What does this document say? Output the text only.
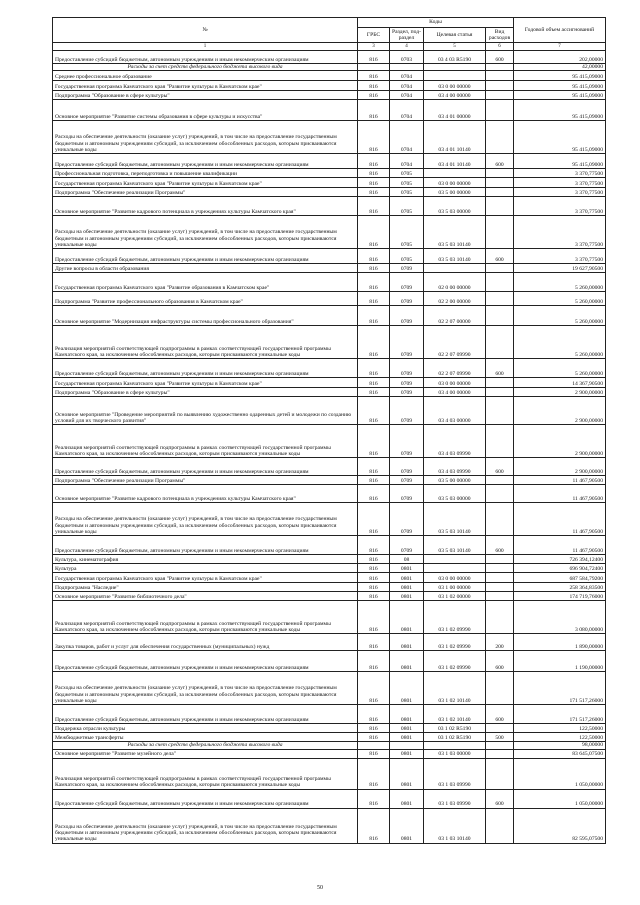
№	Коды				Годовой объем ассигнований
	ГРБС	Раздел, под-раздел	Целевая статья	Вид расходов	
1	3	4	5	6	7
Предоставление субсидий бюджетным, автономным учреждениям и иным некоммерческим организациям	816	0703	03 4 03 R5190	600	202,00000
Расходы за счет средств федерального бюджета высокого вида					42,00000
Среднее профессиональное образование	816	0704			95 415,09000
Государственная программа Камчатского края "Развитие культуры в Камчатском крае"	816	0704	03 0 00 00000		95 415,09000
Подпрограмма "Образование в сфере культуры"	816	0704	03 4 00 00000		95 415,09000
Основное мероприятие "Развитие системы образования в сфере культуры и искусства"	816	0704	03 4 01 00000		95 415,09000
Расходы на обеспечение деятельности (оказание услуг) учреждений, в том числе на предоставление государственным бюджетным и автономным учреждениям субсидий, за исключением обособленных расходов, которым присваиваются уникальные коды	816	0704	03 4 01 10140		95 415,09000
Предоставление субсидий бюджетным, автономным учреждениям и иным некоммерческим организациям	816	0704	03 4 01 10140	600	95 415,09000
Профессиональная подготовка, переподготовка и повышение квалификации	816	0705			3 370,77500
Государственная программа Камчатского края "Развитие культуры в Камчатском крае"	816	0705	03 0 00 00000		3 370,77500
Подпрограмма "Обеспечение реализации Программы"	816	0705	03 5 00 00000		3 370,77500
Основное мероприятие "Развитие кадрового потенциала в учреждениях культуры Камчатского края"	816	0705	03 5 03 00000		3 370,77500
Расходы на обеспечение деятельности (оказание услуг) учреждений, в том числе на предоставление государственным бюджетным и автономным учреждениям субсидий, за исключением обособленных расходов, которым присваиваются уникальные коды	816	0705	03 5 03 10140		3 370,77500
Предоставление субсидий бюджетным, автономным учреждениям и иным некоммерческим организациям	816	0705	03 5 03 10140	600	3 370,77500
Другие вопросы в области образования	816	0709			19 627,90500
Государственная программа Камчатского края "Развитие образования в Камчатском крае"	816	0709	02 0 00 00000		5 260,00000
Подпрограмма "Развитие профессионального образования в Камчатском крае"	816	0709	02 2 00 00000		5 260,00000
Основное мероприятие "Модернизация инфраструктуры системы профессионального образования"	816	0709	02 2 07 00000		5 260,00000
Реализация мероприятий соответствующей подпрограммы в рамках соответствующей государственной программы Камчатского края, за исключением обособленных расходов, которым присваиваются уникальные коды	816	0709	02 2 07 09990		5 260,00000
Предоставление субсидий бюджетным, автономным учреждениям и иным некоммерческим организациям	816	0709	02 2 07 09990	600	5 260,00000
Государственная программа Камчатского края "Развитие культуры в Камчатском крае"	816	0709	03 0 00 00000		14 367,90500
Подпрограмма "Образование в сфере культуры"	816	0709	03 4 00 00000		2 900,00000
Основное мероприятие "Проведение мероприятий по выявлению художественно одаренных детей и молодежи по созданию условий для их творческого развития"	816	0709	03 4 03 00000		2 900,00000
Реализация мероприятий соответствующей подпрограммы в рамках соответствующей государственной программы Камчатского края, за исключением обособленных расходов, которым присваиваются уникальные коды	816	0709	03 4 03 09990		2 900,00000
Предоставление субсидий бюджетным, автономным учреждениям и иным некоммерческим организациям	816	0709	03 4 03 09990	600	2 900,00000
Подпрограмма "Обеспечение реализации Программы"	816	0709	03 5 00 00000		11 467,90500
Основное мероприятие "Развитие кадрового потенциала в учреждениях культуры Камчатского края"	816	0709	03 5 03 00000		11 467,90500
Расходы на обеспечение деятельности (оказание услуг) учреждений, в том числе на предоставление государственным бюджетным и автономным учреждениям субсидий, за исключением обособленных расходов, которым присваиваются уникальные коды	816	0709	03 5 03 10140		11 467,90500
Предоставление субсидий бюджетным, автономным учреждениям и иным некоммерческим организациям	816	0709	03 5 03 10140	600	11 467,90500
Культура, кинематография	816	08			726 394,12400
Культура	816	0801			696 904,72400
Государственная программа Камчатского края "Развитие культуры в Камчатском крае"	816	0801	03 0 00 00000		687 584,79200
Подпрограмма "Наследие"	816	0801	03 1 00 00000		258 364,83500
Основное мероприятие "Развитие библиотечного дела"	816	0801	03 1 02 00000		174 719,76000
Реализация мероприятий соответствующей подпрограммы в рамках соответствующей государственной программы Камчатского края, за исключением обособленных расходов, которым присваиваются уникальные коды	816	0801	03 1 02 09990		3 080,00000
Закупка товаров, работ и услуг для обеспечения государственных (муниципальных) нужд	816	0801	03 1 02 09990	200	1 890,00000
Предоставление субсидий бюджетным, автономным учреждениям и иным некоммерческим организациям	816	0801	03 1 02 09990	600	1 190,00000
Расходы на обеспечение деятельности (оказание услуг) учреждений, в том числе на предоставление государственным бюджетным и автономным учреждениям субсидий, за исключением обособленных расходов, которым присваиваются уникальные коды	816	0801	03 1 02 10140		171 517,26000
Предоставление субсидий бюджетным, автономным учреждениям и иным некоммерческим организациям	816	0801	03 1 02 10140	600	171 517,26000
Поддержка отрасли культуры	816	0801	03 1 02 R5190		122,50000
Межбюджетные трансферты	816	0801	03 1 02 R5190	500	122,50000
Расходы за счет средств федерального бюджета высокого вида					98,00000
Основное мероприятие "Развитие музейного дела"	816	0801	03 1 03 00000		83 645,07500
Реализация мероприятий соответствующей подпрограммы в рамках соответствующей государственной программы Камчатского края, за исключением обособленных расходов, которым присваиваются уникальные коды	816	0801	03 1 03 09990		1 050,00000
Предоставление субсидий бюджетным, автономным учреждениям и иным некоммерческим организациям	816	0801	03 1 03 09990	600	1 050,00000
Расходы на обеспечение деятельности (оказание услуг) учреждений, в том числе на предоставление государственным бюджетным и автономным учреждениям субсидий, за исключением обособленных расходов, которым присваиваются уникальные коды	816	0801	03 1 03 10140		82 595,07500
50
